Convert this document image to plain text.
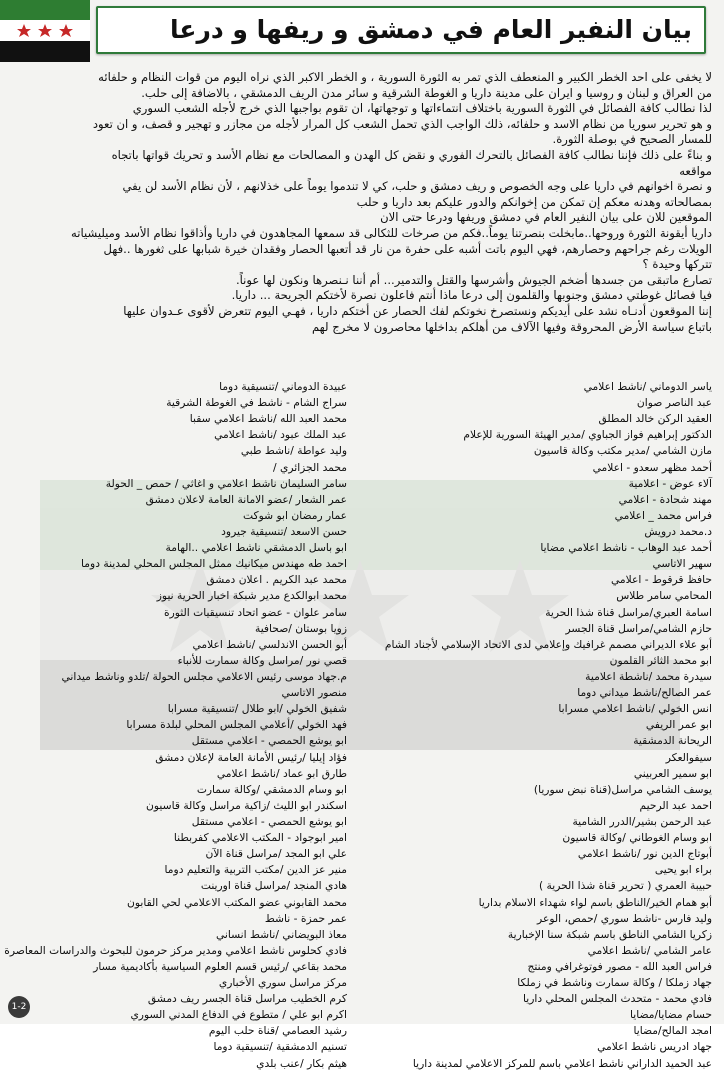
بيان النفير العام في دمشق و ريفها و درعا

لا يخفى على احد الخطر الكبير و المنعطف الذي تمر به الثورة السورية ، و الخطر الاكبر الذي نراه اليوم من قوات النظام و حلفائه

من العراق و لبنان و روسيا و ايران على مدينة داريا و الغوطة الشرقية و سائر مدن الريف الدمشقي ، بالاضافة إلى حلب.

لذا نطالب كافة الفصائل في الثورة السورية باختلاف انتماءاتها و توجهاتها، ان تقوم بواجبها الذي خرج لأجله الشعب السوري

و هو تحرير سوريا من نظام الاسد و حلفائه، ذلك الواجب الذي تحمل الشعب كل المرار لأجله من مجازر و تهجير و قصف، و ان تعود

للمسار الصحيح في بوصلة الثورة.

و بناءً على ذلك فإننا نطالب كافة الفصائل بالتحرك الفوري و نقض كل الهدن و المصالحات مع نظام الأسد و تحريك قواتها باتجاه

مواقعه

و نصرة اخوانهم في داريا على وجه الخصوص و ريف دمشق و حلب، كي لا تندموا يوماً على خذلانهم ، لأن نظام الأسد لن يفي

بمصالحاته وهدنه معكم إن تمكن من إخوانكم والدور عليكم بعد داريا و حلب

الموقعين للان على بيان النفير العام في دمشق وريفها ودرعا حتى الان

داريا أيقونة الثورة وروحها..مابخلت بنصرتنا يوماً..فكم من صرخات للثكالى قد سمعها المجاهدون في داريا وأذاقوا نظام الأسد وميليشياته

الويلات رغم جراحهم وحصارهم، فهي اليوم باتت أشبه على حفرة من نار قد أتعبها الحصار وفقدان خيرة شبابها على ثغورها ..فهل

تتركها وحيدة ؟

تصارع ماتبقى من جسدها أضخم الجيوش وأشرسها والقتل والتدمير... أم أننا نـنصرها ونكون لها عوناً.

فيا فصائل غوطتي دمشق وجنوبها والقلمون إلى درعا ماذا أنتم فاعلون نصرة لأختكم الجريحة ... داريا.

إننا الموقعون أدنـاه نشد على أيديكم ونستصرخ نخوتكم لفك الحصار عن أختكم داريا ، فهـي اليوم تتعرض لأقوى عـدوان عليها

باتباع سياسة الأرض المحروقة وفيها الآلاف من أهلكم بداخلها محاصرون لا مخرج لهم

ياسر الدوماني /ناشط اعلامي
عبد الناصر صوان
العقيد الركن خالد المطلق
الدكتور إبراهيم فواز الجباوي /مدير الهيئة السورية للإعلام
مازن الشامي /مدير مكتب وكالة قاسيون
أحمد مظهر سعدو - اعلامي
آلاء عوض - اعلامية
مهند شحادة - اعلامي
فراس محمد _ اعلامي
د.محمد درويش
أحمد عبد الوهاب - ناشط اعلامي مضايا
سهير الاتاسي
حافظ قرقوط - اعلامي
المحامي سامر طلاس
اسامة العبري/مراسل قناة شذا الحرية
حازم الشامي/مراسل قناة الجسر
أبو علاء الديراني مصمم غرافيك وإعلامي لدى الاتحاد الإسلامي لأجناد الشام
ابو محمد الثائر القلمون
سيدرة محمد /ناشطة اعلامية
عمر الصالح/ناشط ميداني دوما
انس الخولي /ناشط اعلامي مسرابا
ابو عمر الريفي
الريحانة الدمشقية
سيفوالعكر
ابو سمير العربيني
يوسف الشامي مراسل(قناة نبض سوريا)
احمد عبد الرحيم
عبد الرحمن بشير/الدرر الشامية
ابو وسام الغوطاني /وكالة قاسيون
أبوتاج الدين نور /ناشط اعلامي
براء ابو يحيى
حبيبة العمري ( تحرير قناة شذا الحرية )
أبو همام الخير/الناطق باسم لواء شهداء الاسلام بداريا
وليد فارس -ناشط سوري /حمص، الوعر
زكريا الشامي الناطق باسم شبكة سنا الإخبارية
عامر الشامي /ناشط اعلامي
فراس العبد الله - مصور فوتوغرافي ومنتج
جهاد زملكا / وكالة سمارت وناشط في زملكا
فادي محمد - متحدث المجلس المحلي داريا
حسام مضايا/مضايا
امجد المالح/مضايا
جهاد ادريس ناشط اعلامي
عبد الحميد الداراني ناشط اعلامي باسم للمركز الاعلامي لمدينة داريا
عبيدة الدوماني /تنسيقية دوما
سراج الشام - ناشط في الغوطة الشرقية
محمد العبد الله /ناشط اعلامي سقبا
عبد الملك عبود /ناشط اعلامي
وليد عواطة /ناشط طبي
محمد الجزائري /
سامر السليمان ناشط اعلامي و اغاثي / حمص _ الحولة
عمر الشعار /عضو الامانة العامة لاعلان دمشق
عمار رمضان ابو شوكت
حسن الاسعد /تنسيقية جيرود
ابو باسل الدمشقي ناشط اعلامي ..الهامة
احمد طه مهندس ميكانيك ممثل المجلس المحلي لمدينة دوما
محمد عبد الكريم . اعلان دمشق
محمد ابوالكدع مدير شبكة اخبار الحرية نيوز
سامر علوان - عضو اتحاد تنسيقيات الثورة
زويا بوستان /صحافية
أبو الحسن الاندلسي /ناشط اعلامي
قصي نور /مراسل وكالة سمارت للأنباء
م.جهاد موسى رئيس الاعلامي مجلس الحولة /تلدو وناشط ميداني
منصور الاتاسي
شفيق الخولي /ابو طلال /تنسيقية مسرابا
فهد الخولي /أعلامي المجلس المحلي لبلدة مسرابا
ابو يوشع الحمصي - اعلامي مستقل
فؤاد إيليا /رئيس الأمانة العامة لإعلان دمشق
طارق ابو عماد /ناشط اعلامي
ابو وسام الدمشقي /وكالة سمارت
اسكندر ابو الليث /زاكية مراسل وكالة قاسيون
ابو يوشع الحمصي - اعلامي مستقل
امير ابوجواد - المكتب الاعلامي كفربطنا
علي ابو المجد /مراسل قناة الآن
منير عز الدين /مكتب التربية والتعليم دوما
هادي المنجد /مراسل قناة اورينت
محمد القابوني عضو المكتب الاعلامي لحي القابون
عمر حمزة - ناشط
معاذ البويضاني /ناشط انساني
فادي كحلوس ناشط اعلامي ومدير مركز حرمون للبحوث والدراسات المعاصرة
محمد بقاعي /رئيس قسم العلوم السياسية بأكاديمية مسار
مركز مراسل سوري الأخباري
كرم الخطيب مراسل قناة الجسر ريف دمشق
اكرم ابو علي / متطوع في الدفاع المدني السوري
رشيد العصامي /قناة حلب اليوم
تسنيم الدمشقية /تنسيقية دوما
هيثم بكار /عنب بلدي
1-2
